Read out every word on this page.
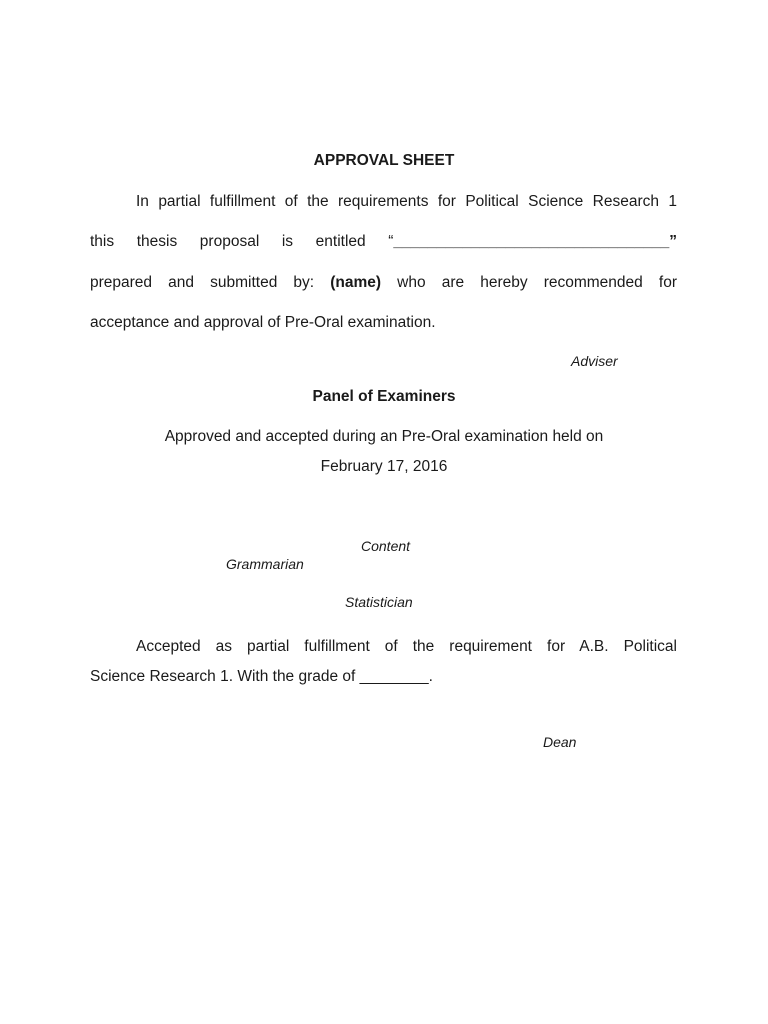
APPROVAL SHEET
In partial fulfillment of the requirements for Political Science Research 1
this thesis proposal is entitled “________________________________”
prepared and submitted by: (name) who are hereby recommended for
acceptance and approval of Pre-Oral examination.
Adviser
Panel of Examiners
Approved and accepted during an Pre-Oral examination held on
February 17, 2016
Content
Grammarian
Statistician
Accepted as partial fulfillment of the requirement for A.B. Political
Science Research 1. With the grade of ________.
Dean
